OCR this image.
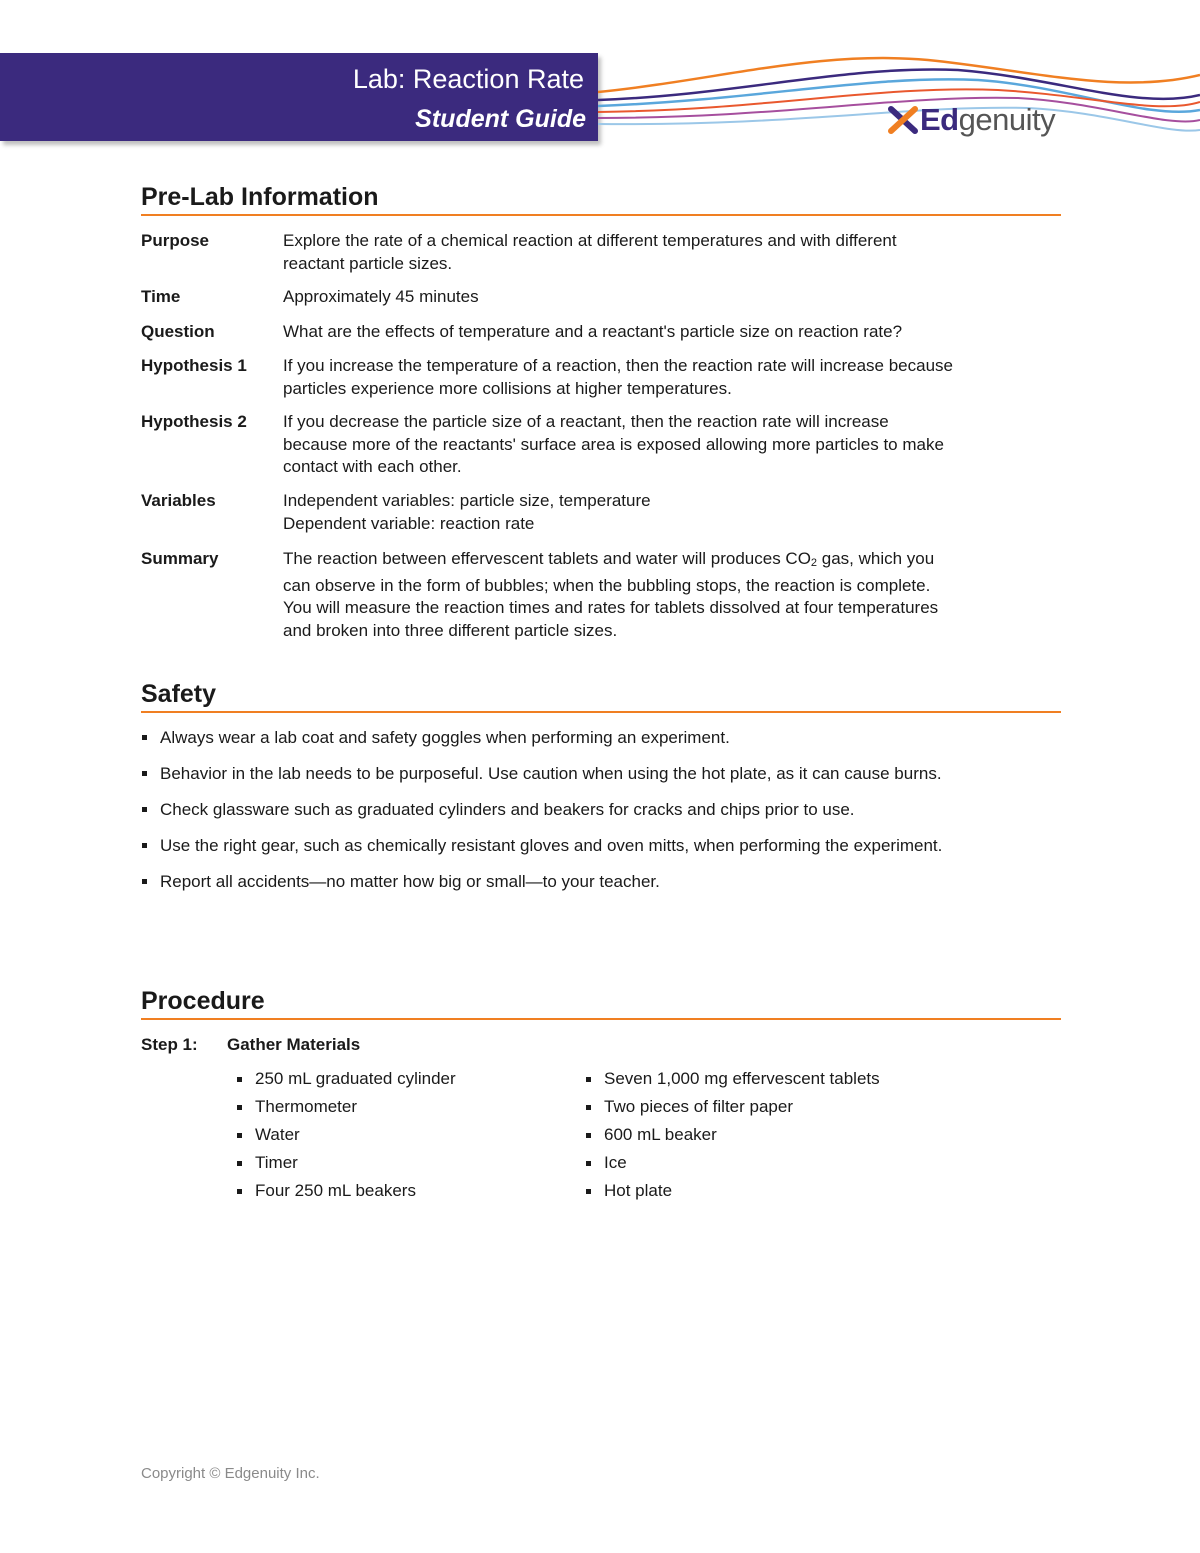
Lab: Reaction Rate
Student Guide	Edgenuity
Pre-Lab Information
Purpose	Explore the rate of a chemical reaction at different temperatures and with different
reactant particle sizes.
Time	Approximately 45 minutes
Question	What are the effects of temperature and a reactant's particle size on reaction rate?
Hypothesis 1	If you increase the temperature of a reaction, then the reaction rate will increase because
particles experience more collisions at higher temperatures.
Hypothesis 2	If you decrease the particle size of a reactant, then the reaction rate will increase
because more of the reactants' surface area is exposed allowing more particles to make
contact with each other.
Variables	Independent variables: particle size, temperature
Dependent variable: reaction rate
Summary	The reaction between effervescent tablets and water will produces $CO_2$ gas, which you
can observe in the form of bubbles; when the bubbling stops, the reaction is complete.
You will measure the reaction times and rates for tablets dissolved at four temperatures
and broken into three different particle sizes.
Safety
Always wear a lab coat and safety goggles when performing an experiment.
Behavior in the lab needs to be purposeful. Use caution when using the hot plate, as it can cause burns.
Check glassware such as graduated cylinders and beakers for cracks and chips prior to use.
Use the right gear, such as chemically resistant gloves and oven mitts, when performing the experiment.
Report all accidents—no matter how big or small—to your teacher.
Procedure
Step 1: Gather Materials
250 mL graduated cylinder
Thermometer
Water
Timer
Four 250 mL beakers
Seven 1,000 mg effervescent tablets
Two pieces of filter paper
600 mL beaker
Ice
Hot plate
Copyright © Edgenuity Inc.
